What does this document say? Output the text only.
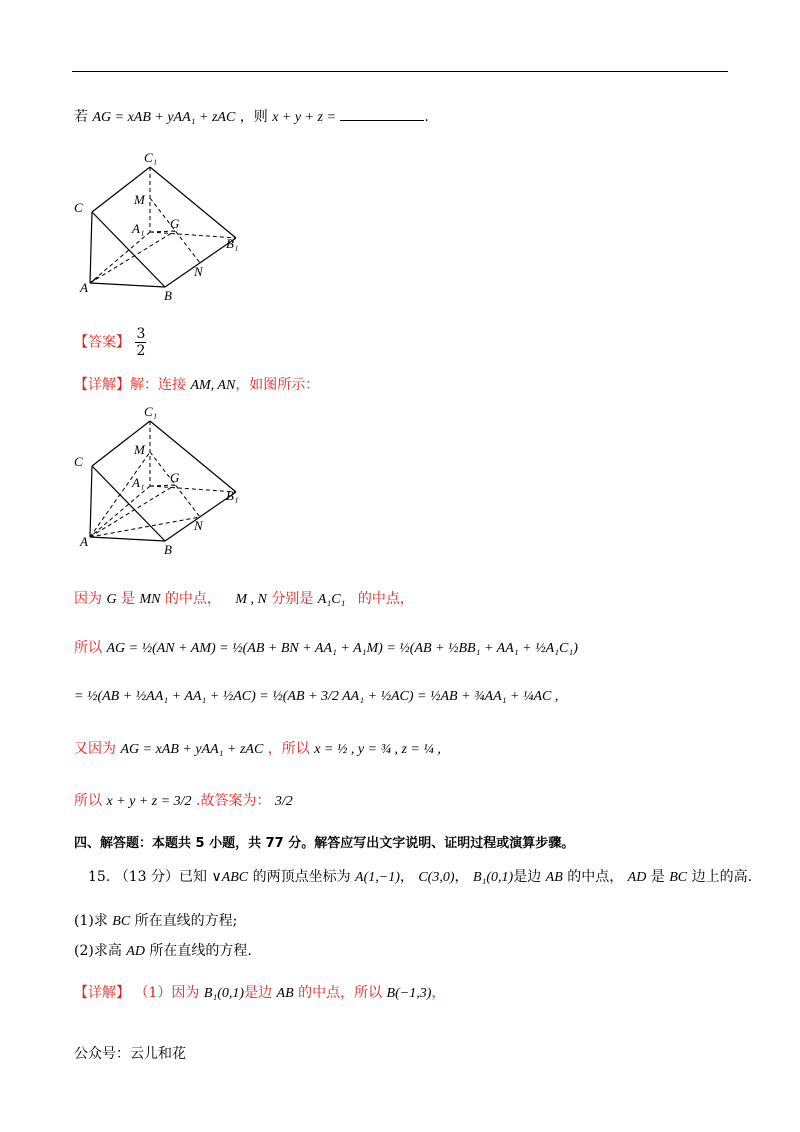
若 AG = xAB + yAA₁ + zAC ，则 x + y + z =	.
C₁
C
M
A₁ G
B₁
A
N
B
【答案】 $\frac{3}{2}$
【详解】解：连接 AM, AN，如图所示：
C₁
C
M
A₁ G
B₁
A
N
B
因为 G 是 MN 的中点， M , N 分别是 A₁C₁ 的中点，
所以 AG = ½(AN + AM) = ½(AB + BN + AA₁ + A₁M) = ½(AB + ½BB₁ + AA₁ + ½A₁C₁)
= ½(AB + ½AA₁ + AA₁ + ½AC) = ½(AB + 3/2 AA₁ + ½AC) = ½AB + ¾AA₁ + ¼AC ,
又因为 AG = xAB + yAA₁ + zAC ，所以 x = ½ , y = ¾ , z = ¼ ,
所以 x + y + z = 3/2 .故答案为： 3/2
四、解答题：本题共 5 小题，共 77 分。解答应写出文字说明、证明过程或演算步骤。
15. （13 分）已知 ∨ABC 的两顶点坐标为 A(1,−1)， C(3,0)， B₁(0,1)是边 AB 的中点， AD 是 BC 边上的高.
(1)求 BC 所在直线的方程;
(2)求高 AD 所在直线的方程.
【详解】 （1）因为 B₁(0,1)是边 AB 的中点，所以 B(−1,3)，
公众号：云儿和花
